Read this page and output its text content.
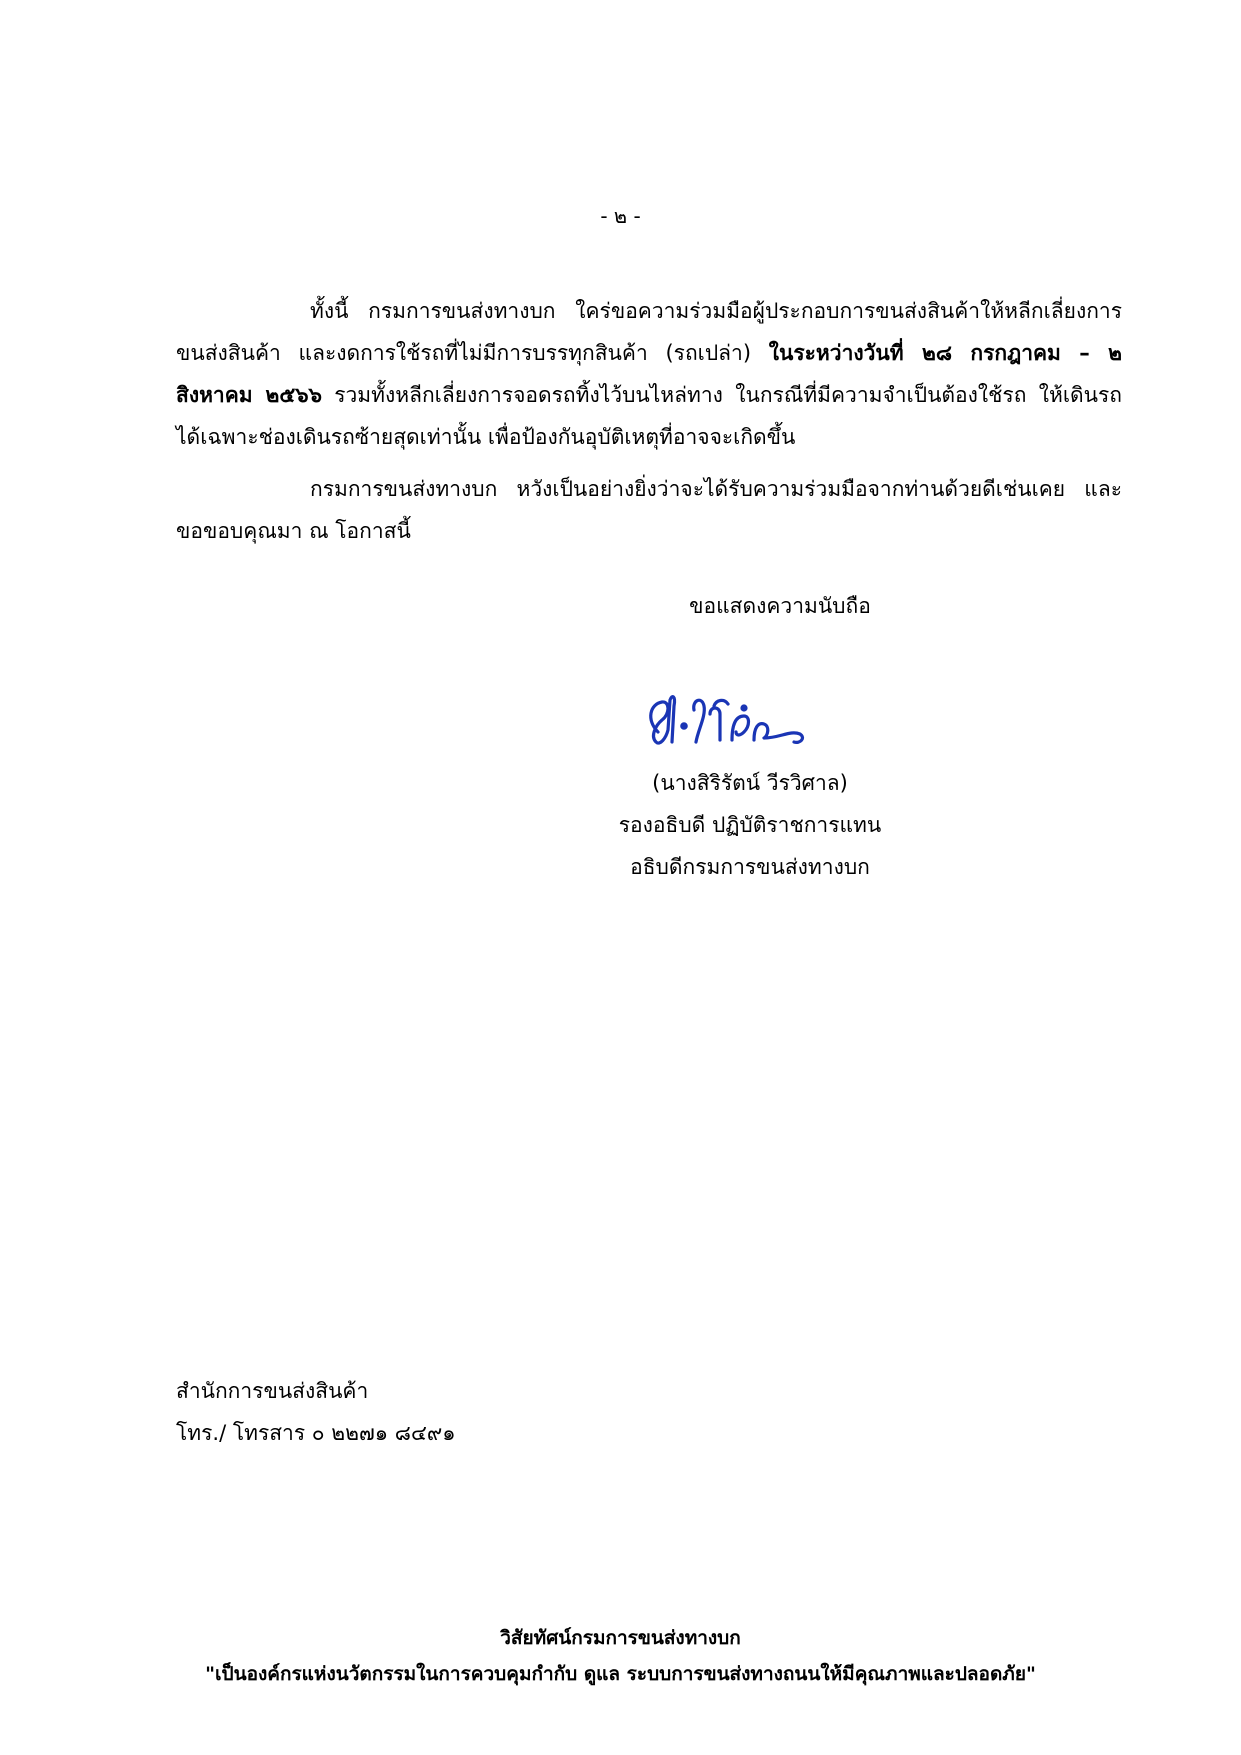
- ๒ -

ทั้งนี้ กรมการขนส่งทางบก ใคร่ขอความร่วมมือผู้ประกอบการขนส่งสินค้าให้หลีกเลี่ยงการขนส่งสินค้า และงดการใช้รถที่ไม่มีการบรรทุกสินค้า (รถเปล่า) ในระหว่างวันที่ ๒๘ กรกฎาคม – ๒ สิงหาคม ๒๕๖๖ รวมทั้งหลีกเลี่ยงการจอดรถทิ้งไว้บนไหล่ทาง ในกรณีที่มีความจำเป็นต้องใช้รถ ให้เดินรถได้เฉพาะช่องเดินรถซ้ายสุดเท่านั้น เพื่อป้องกันอุบัติเหตุที่อาจจะเกิดขึ้น

กรมการขนส่งทางบก หวังเป็นอย่างยิ่งว่าจะได้รับความร่วมมือจากท่านด้วยดีเช่นเคย และขอขอบคุณมา ณ โอกาสนี้

ขอแสดงความนับถือ
(นางสิริรัตน์ วีรวิศาล)
รองอธิบดี ปฏิบัติราชการแทน
อธิบดีกรมการขนส่งทางบก
สำนักการขนส่งสินค้า
โทร./ โทรสาร ๐ ๒๒๗๑ ๘๔๙๑
วิสัยทัศน์กรมการขนส่งทางบก
"เป็นองค์กรแห่งนวัตกรรมในการควบคุมกำกับ ดูแล ระบบการขนส่งทางถนนให้มีคุณภาพและปลอดภัย"
